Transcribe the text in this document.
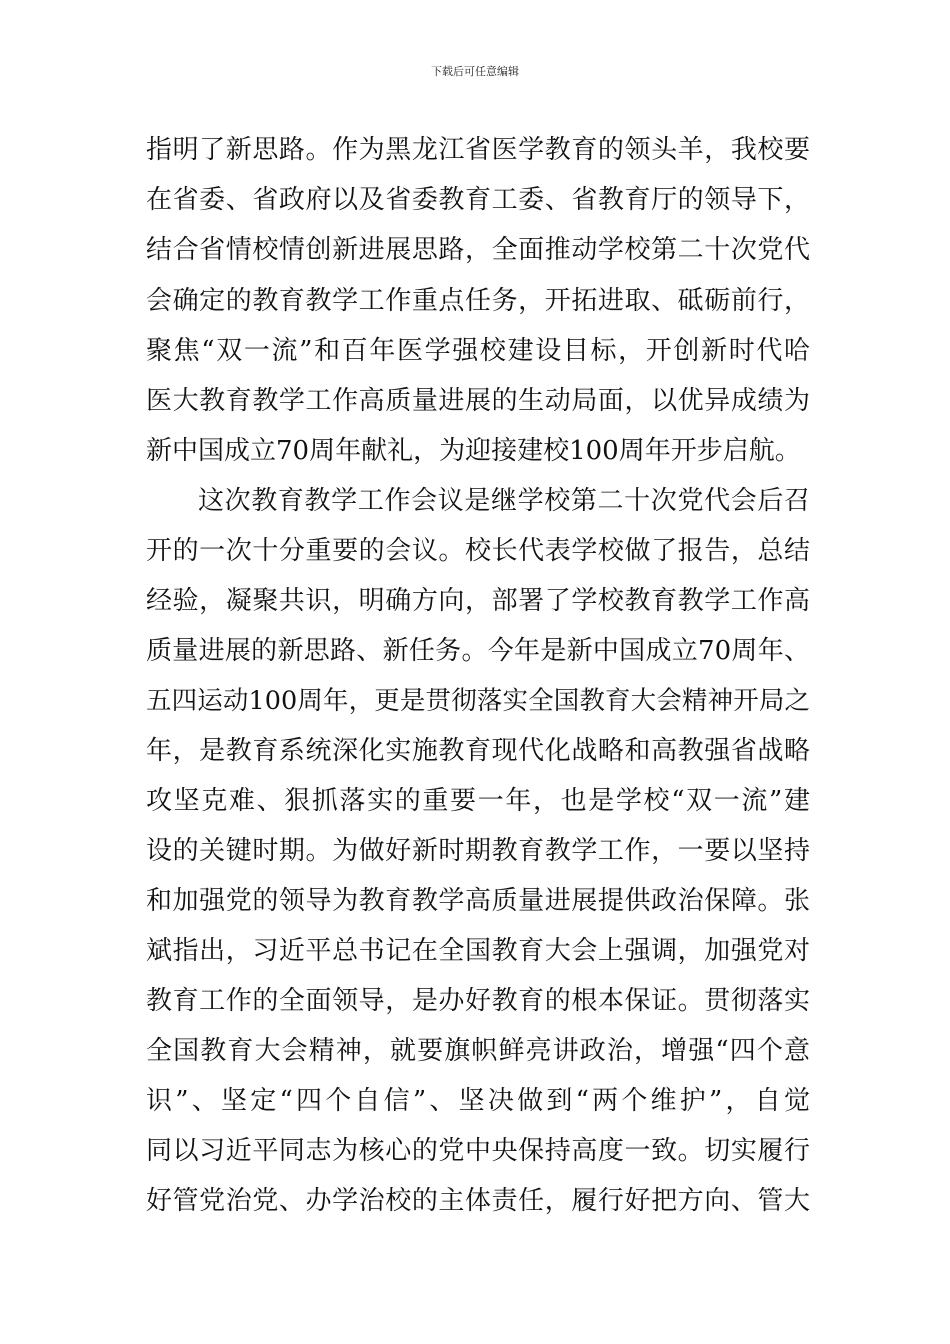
下载后可任意编辑
指明了新思路。作为黑龙江省医学教育的领头羊，我校要
在省委、省政府以及省委教育工委、省教育厅的领导下，
结合省情校情创新进展思路，全面推动学校第二十次党代
会确定的教育教学工作重点任务，开拓进取、砥砺前行，
聚焦“双一流”和百年医学强校建设目标，开创新时代哈
医大教育教学工作高质量进展的生动局面，以优异成绩为
新中国成立70周年献礼，为迎接建校100周年开步启航。
这次教育教学工作会议是继学校第二十次党代会后召
开的一次十分重要的会议。校长代表学校做了报告，总结
经验，凝聚共识，明确方向，部署了学校教育教学工作高
质量进展的新思路、新任务。今年是新中国成立70周年、
五四运动100周年，更是贯彻落实全国教育大会精神开局之
年，是教育系统深化实施教育现代化战略和高教强省战略
攻坚克难、狠抓落实的重要一年，也是学校“双一流”建
设的关键时期。为做好新时期教育教学工作，一要以坚持
和加强党的领导为教育教学高质量进展提供政治保障。张
斌指出，习近平总书记在全国教育大会上强调，加强党对
教育工作的全面领导，是办好教育的根本保证。贯彻落实
全国教育大会精神，就要旗帜鲜亮讲政治，增强“四个意
识”、坚定“四个自信”、坚决做到“两个维护”，自觉
同以习近平同志为核心的党中央保持高度一致。切实履行
好管党治党、办学治校的主体责任，履行好把方向、管大
